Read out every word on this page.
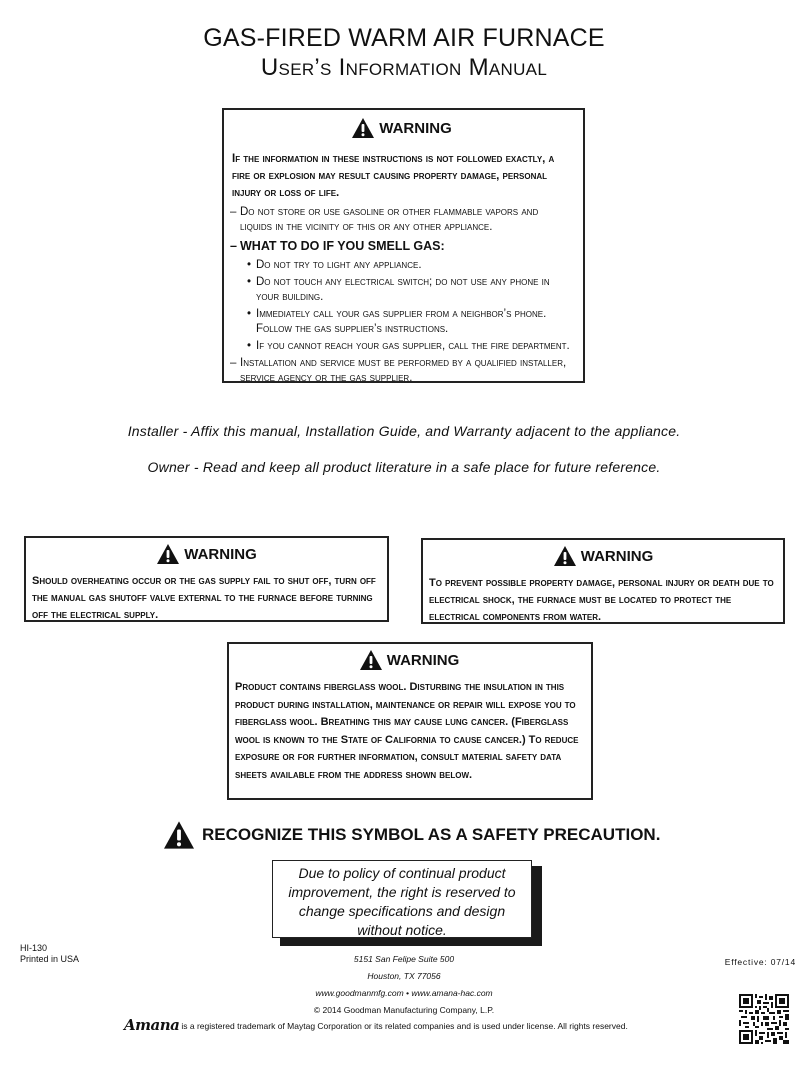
GAS-FIRED WARM AIR FURNACE
User’s Information Manual
WARNING
If the information in these instructions is not followed exactly, a fire or explosion may result causing property damage, personal injury or loss of life.
– Do not store or use gasoline or other flammable vapors and liquids in the vicinity of this or any other appliance.
– WHAT TO DO IF YOU SMELL GAS:
• Do not try to light any appliance.
• Do not touch any electrical switch; do not use any phone in your building.
• Immediately call your gas supplier from a neighbor’s phone. Follow the gas supplier’s instructions.
• If you cannot reach your gas supplier, call the fire department.
– Installation and service must be performed by a qualified installer, service agency or the gas supplier.
Installer - Affix this manual, Installation Guide, and Warranty adjacent to the appliance.
Owner - Read and keep all product literature in a safe place for future reference.
WARNING
Should overheating occur or the gas supply fail to shut off, turn off the manual gas shutoff valve external to the furnace before turning off the electrical supply.
WARNING
To prevent possible property damage, personal injury or death due to electrical shock, the furnace must be located to protect the electrical components from water.
WARNING
Product contains fiberglass wool. Disturbing the insulation in this product during installation, maintenance or repair will expose you to fiberglass wool. Breathing this may cause lung cancer. (Fiberglass wool is known to the State of California to cause cancer.) To reduce exposure or for further information, consult material safety data sheets available from the address shown below.
RECOGNIZE THIS SYMBOL AS A SAFETY PRECAUTION.
Due to policy of continual product improvement, the right is reserved to change specifications and design without notice.
HI-130
Printed in USA	5151 San Felipe Suite 500
Houston, TX 77056
www.goodmanmfg.com • www.amana-hac.com
© 2014 Goodman Manufacturing Company, L.P.
Amana is a registered trademark of Maytag Corporation or its related companies and is used under license. All rights reserved.
Effective: 07/14
